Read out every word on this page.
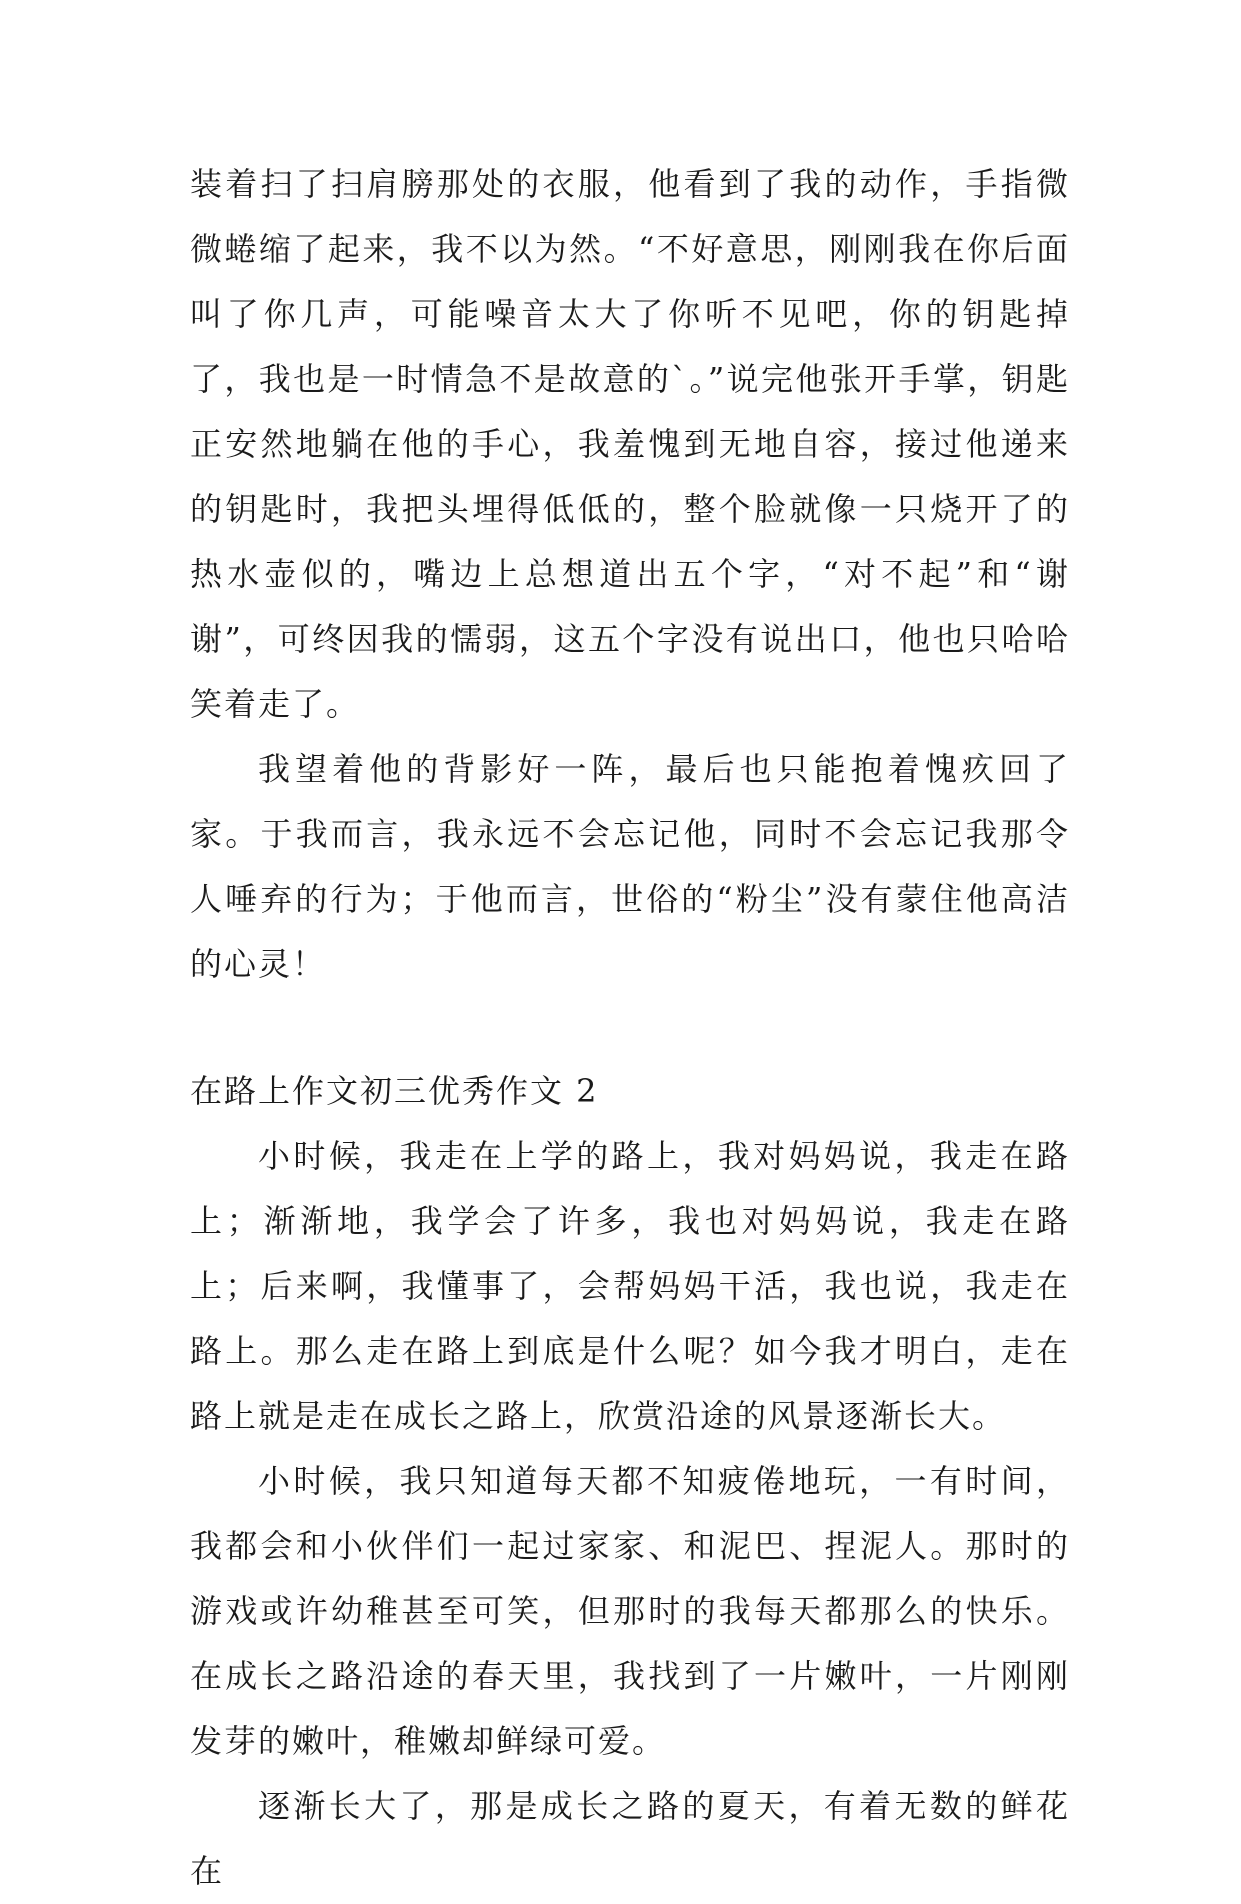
装着扫了扫肩膀那处的衣服，他看到了我的动作，手指微微蜷缩了起来，我不以为然。“不好意思，刚刚我在你后面叫了你几声，可能噪音太大了你听不见吧，你的钥匙掉了，我也是一时情急不是故意的`。”说完他张开手掌，钥匙正安然地躺在他的手心，我羞愧到无地自容，接过他递来的钥匙时，我把头埋得低低的，整个脸就像一只烧开了的热水壶似的，嘴边上总想道出五个字，“对不起”和“谢谢”，可终因我的懦弱，这五个字没有说出口，他也只哈哈笑着走了。

我望着他的背影好一阵，最后也只能抱着愧疚回了家。于我而言，我永远不会忘记他，同时不会忘记我那令人唾弃的行为；于他而言，世俗的“粉尘”没有蒙住他高洁的心灵！

在路上作文初三优秀作文 2

小时候，我走在上学的路上，我对妈妈说，我走在路上；渐渐地，我学会了许多，我也对妈妈说，我走在路上；后来啊，我懂事了，会帮妈妈干活，我也说，我走在路上。那么走在路上到底是什么呢？如今我才明白，走在路上就是走在成长之路上，欣赏沿途的风景逐渐长大。

小时候，我只知道每天都不知疲倦地玩，一有时间，我都会和小伙伴们一起过家家、和泥巴、捏泥人。那时的游戏或许幼稚甚至可笑，但那时的我每天都那么的快乐。在成长之路沿途的春天里，我找到了一片嫩叶，一片刚刚发芽的嫩叶，稚嫩却鲜绿可爱。

逐渐长大了，那是成长之路的夏天，有着无数的鲜花在
